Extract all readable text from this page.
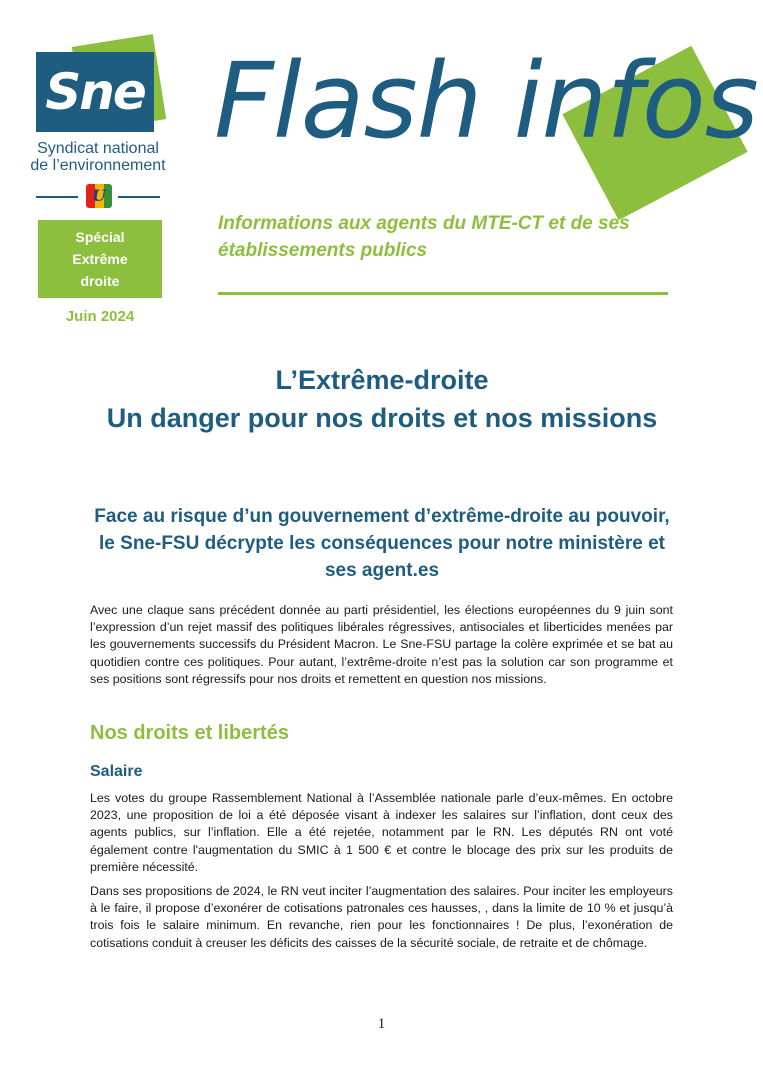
Sne
Syndicat national de l’environnement
U
Spécial
Extrême
droite
Juin 2024
Flash infos
Informations aux agents du MTE-CT et de ses établissements publics
L’Extrême-droite
Un danger pour nos droits et nos missions
Face au risque d’un gouvernement d’extrême-droite au pouvoir, le Sne-FSU décrypte les conséquences pour notre ministère et ses agent.es
Avec une claque sans précédent donnée au parti présidentiel, les élections européennes du 9 juin sont l’expression d’un rejet massif des politiques libérales régressives, antisociales et liberticides menées par les gouvernements successifs du Président Macron. Le Sne-FSU partage la colère exprimée et se bat au quotidien contre ces politiques. Pour autant, l’extrême-droite n’est pas la solution car son programme et ses positions sont régressifs pour nos droits et remettent en question nos missions.
Nos droits et libertés
Salaire
Les votes du groupe Rassemblement National à l’Assemblée nationale parle d’eux-mêmes. En octobre 2023, une proposition de loi a été déposée visant à indexer les salaires sur l’inflation, dont ceux des agents publics, sur l’inflation. Elle a été rejetée, notamment par le RN. Les députés RN ont voté également contre l'augmentation du SMIC à 1 500 € et contre le blocage des prix sur les produits de première nécessité.
Dans ses propositions de 2024, le RN veut inciter l’augmentation des salaires. Pour inciter les employeurs à le faire, il propose d’exonérer de cotisations patronales ces hausses, , dans la limite de 10 % et jusqu’à trois fois le salaire minimum. En revanche, rien pour les fonctionnaires ! De plus, l’exonération de cotisations conduit à creuser les déficits des caisses de la sécurité sociale, de retraite et de chômage.
1
